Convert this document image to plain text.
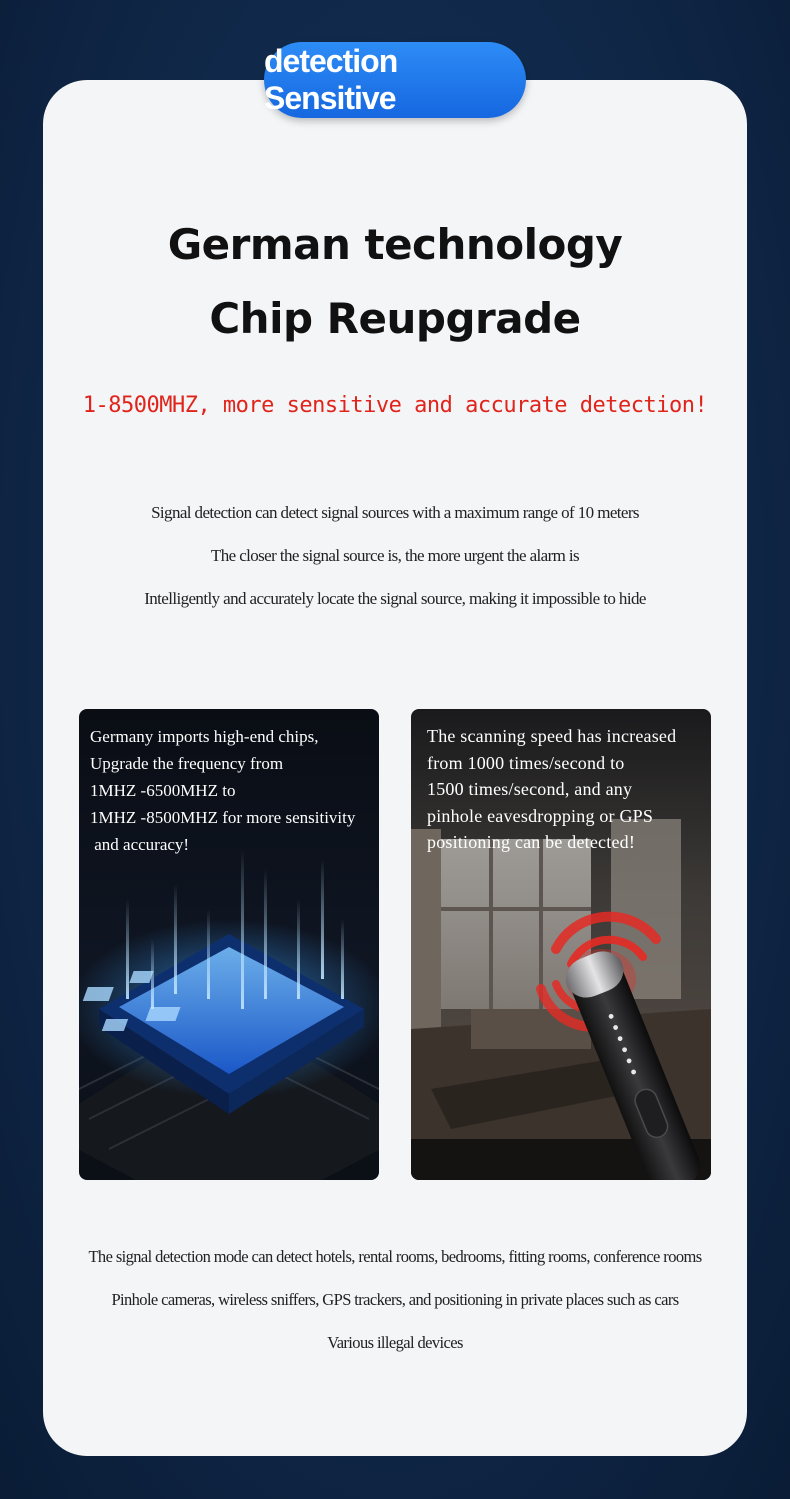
detection Sensitive
German technology
Chip Reupgrade
1-8500MHZ, more sensitive and accurate detection!
Signal detection can detect signal sources with a maximum range of 10 meters
The closer the signal source is, the more urgent the alarm is
Intelligently and accurately locate the signal source, making it impossible to hide
Germany imports high-end chips,
Upgrade the frequency from
1MHZ -6500MHZ to
1MHZ -8500MHZ for more sensitivity
and accuracy!
The scanning speed has increased
from 1000 times/second to
1500 times/second, and any
pinhole eavesdropping or GPS
positioning can be detected!
The signal detection mode can detect hotels, rental rooms, bedrooms, fitting rooms, conference rooms
Pinhole cameras, wireless sniffers, GPS trackers, and positioning in private places such as cars
Various illegal devices
